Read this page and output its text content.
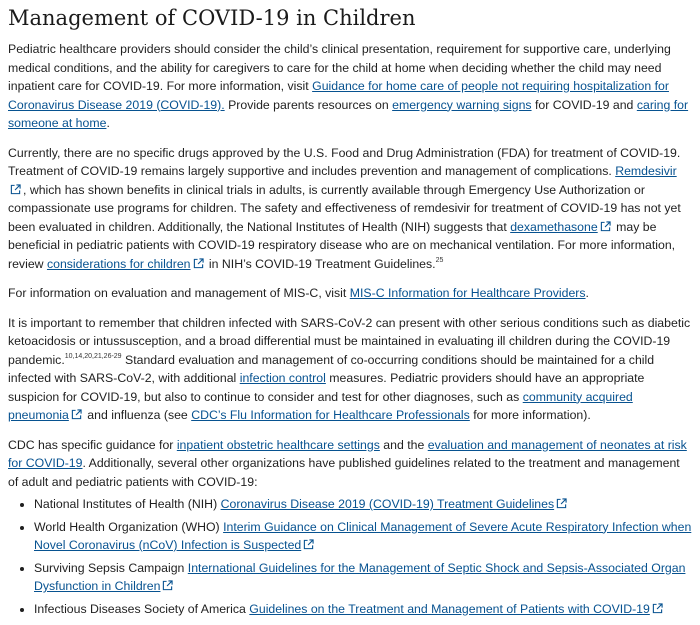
Management of COVID-19 in Children

Pediatric healthcare providers should consider the child’s clinical presentation, requirement for supportive care, underlying medical conditions, and the ability for caregivers to care for the child at home when deciding whether the child may need inpatient care for COVID-19. For more information, visit Guidance for home care of people not requiring hospitalization for Coronavirus Disease 2019 (COVID-19). Provide parents resources on emergency warning signs for COVID-19 and caring for someone at home.

Currently, there are no specific drugs approved by the U.S. Food and Drug Administration (FDA) for treatment of COVID-19. Treatment of COVID-19 remains largely supportive and includes prevention and management of complications. Remdesivir , which has shown benefits in clinical trials in adults, is currently available through Emergency Use Authorization or compassionate use programs for children. The safety and effectiveness of remdesivir for treatment of COVID-19 has not yet been evaluated in children. Additionally, the National Institutes of Health (NIH) suggests that dexamethasone may be beneficial in pediatric patients with COVID-19 respiratory disease who are on mechanical ventilation. For more information, review considerations for children in NIH’s COVID-19 Treatment Guidelines.$^{25}$

For information on evaluation and management of MIS-C, visit MIS-C Information for Healthcare Providers.

It is important to remember that children infected with SARS-CoV-2 can present with other serious conditions such as diabetic ketoacidosis or intussusception, and a broad differential must be maintained in evaluating ill children during the COVID-19 pandemic.$^{10,14,20,21,26-29}$ Standard evaluation and management of co-occurring conditions should be maintained for a child infected with SARS-CoV-2, with additional infection control measures. Pediatric providers should have an appropriate suspicion for COVID-19, but also to continue to consider and test for other diagnoses, such as community acquired pneumonia and influenza (see CDC’s Flu Information for Healthcare Professionals for more information).

CDC has specific guidance for inpatient obstetric healthcare settings and the evaluation and management of neonates at risk for COVID-19. Additionally, several other organizations have published guidelines related to the treatment and management of adult and pediatric patients with COVID-19:

• National Institutes of Health (NIH) Coronavirus Disease 2019 (COVID-19) Treatment Guidelines
• World Health Organization (WHO) Interim Guidance on Clinical Management of Severe Acute Respiratory Infection when Novel Coronavirus (nCoV) Infection is Suspected
• Surviving Sepsis Campaign International Guidelines for the Management of Septic Shock and Sepsis-Associated Organ Dysfunction in Children
• Infectious Diseases Society of America Guidelines on the Treatment and Management of Patients with COVID-19
